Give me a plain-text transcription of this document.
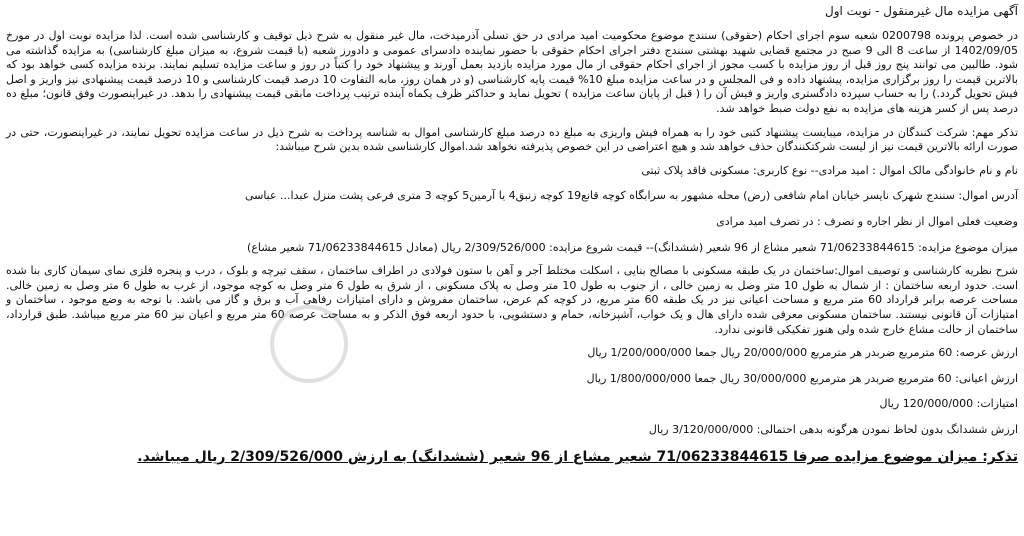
آگهی مزایده مال غیرمنقول - نوبت اول
در خصوص پرونده 0200798 شعبه سوم اجرای احکام (حقوقی) سنندج موضوع محکومیت امید مرادی در حق تسلی آذرمیدخت، مال غیر منقول به شرح ذیل توقیف و کارشناسی شده است. لذا مزایده نوبت اول در مورخ 1402/09/05 از ساعت 8 الی 9 صبح در مجتمع قضایی شهید بهشتی سنندج دفتر اجرای احکام حقوقی با حضور نماینده دادسرای عمومی و دادورز شعبه (با قیمت شروع، به میزان مبلغ کارشناسی) به مزایده گذاشته می شود. طالبین می توانند پنج روز قبل از روز مزایده با کسب مجوز از اجرای احکام حقوقی از مال مورد مزایده بازدید بعمل آورند و پیشنهاد خود را کتباً در روز و ساعت مزایده تسلیم نمایند. برنده مزایده کسی خواهد بود که بالاترین قیمت را روز برگزاری مزایده، پیشنهاد داده و فی المجلس و در ساعت مزایده مبلغ 10% قیمت پایه کارشناسی (و در همان روز، مابه التفاوت 10 درصد قیمت کارشناسی و 10 درصد قیمت پیشنهادی نیز واریز و اصل فیش تحویل گردد.) را به حساب سپرده دادگستری واریز و فیش آن را ( قبل از پایان ساعت مزایده ) تحویل نماید و حداکثر ظرف یکماه آینده ترتیب پرداخت مابقی قیمت پیشنهادی را بدهد. در غیراینصورت وفق قانون؛ مبلغ ده درصد پس از کسر هزینه های مزایده به نفع دولت ضبط خواهد شد.
تذکر مهم: شرکت کنندگان در مزایده، میبایست پیشنهاد کتبی خود را به همراه فیش واریزی به مبلغ ده درصد مبلغ کارشناسی اموال به شناسه پرداخت به شرح ذیل در ساعت مزایده تحویل نمایند، در غیراینصورت، حتی در صورت ارائه بالاترین قیمت نیز از لیست شرکتکنندگان حذف خواهد شد و هیچ اعتراضی در این خصوص پذیرفته نخواهد شد.اموال کارشناسی شده بدین شرح میباشد:
نام و نام خانوادگی مالک اموال : امید مرادی-- نوع کاربری: مسکونی فاقد پلاک ثبتی
آدرس اموال: سنندج شهرک نایسر خیابان امام شافعی (رض) محله مشهور به سرابگاه کوچه قانع19 کوچه زنبق4 یا آرمین5 کوچه 3 متری فرعی پشت منزل عبدا... عباسی
وضعیت فعلی اموال از نظر اجاره و تصرف : در تصرف امید مرادی
میزان موضوع مزایده: 71/06233844615 شعیر مشاع از 96 شعیر (ششدانگ)-- قیمت شروع مزایده: 2/309/526/000 ریال (معادل 71/06233844615 شعیر مشاع)
شرح نظریه کارشناسی و توصیف اموال:ساختمان در یک طبقه مسکونی با مصالح بنایی ، اسکلت مختلط آجر و آهن با ستون فولادی در اطراف ساختمان ، سقف تیرچه و بلوک ، درب و پنجره فلزی نمای سیمان کاری بنا شده است. حدود اربعه ساختمان : از شمال به طول 10 متر وصل به زمین خالی ، از جنوب به طول 10 متر وصل به پلاک مسکونی ، از شرق به طول 6 متر وصل به کوچه موجود، از غرب به طول 6 متر وصل به زمین خالی. مساحت عرصه برابر قرارداد 60 متر مربع و مساحت اعیانی نیز در یک طبقه 60 متر مربع، در کوچه کم عرض، ساختمان مفروش و دارای امتیازات رفاهی آب و برق و گاز می باشد. با توجه به وضع موجود ، ساختمان و امتیازات آن قانونی نیستند. ساختمان مسکونی معرفی شده دارای هال و یک خواب، آشپزخانه، حمام و دستشویی، با حدود اربعه فوق الذکر و به مساحت عرصه 60 متر مربع و اعیان نیز 60 متر مربع میباشد. طبق قرارداد، ساختمان از حالت مشاع خارج شده ولی هنوز تفکیکی قانونی ندارد.
ارزش عرصه: 60 مترمربع ضربدر هر مترمربع 20/000/000 ریال جمعا 1/200/000/000 ریال
ارزش اعیانی: 60 مترمربع ضربدر هر مترمربع 30/000/000 ریال جمعا 1/800/000/000 ریال
امتیازات: 120/000/000 ریال
ارزش ششدانگ بدون لحاظ نمودن هرگونه بدهی احتمالی: 3/120/000/000 ریال
تذکر: میزان موضوع مزایده صرفا 71/06233844615 شعیر مشاع از 96 شعیر (ششدانگ) به ارزش 2/309/526/000 ریال میباشد.
